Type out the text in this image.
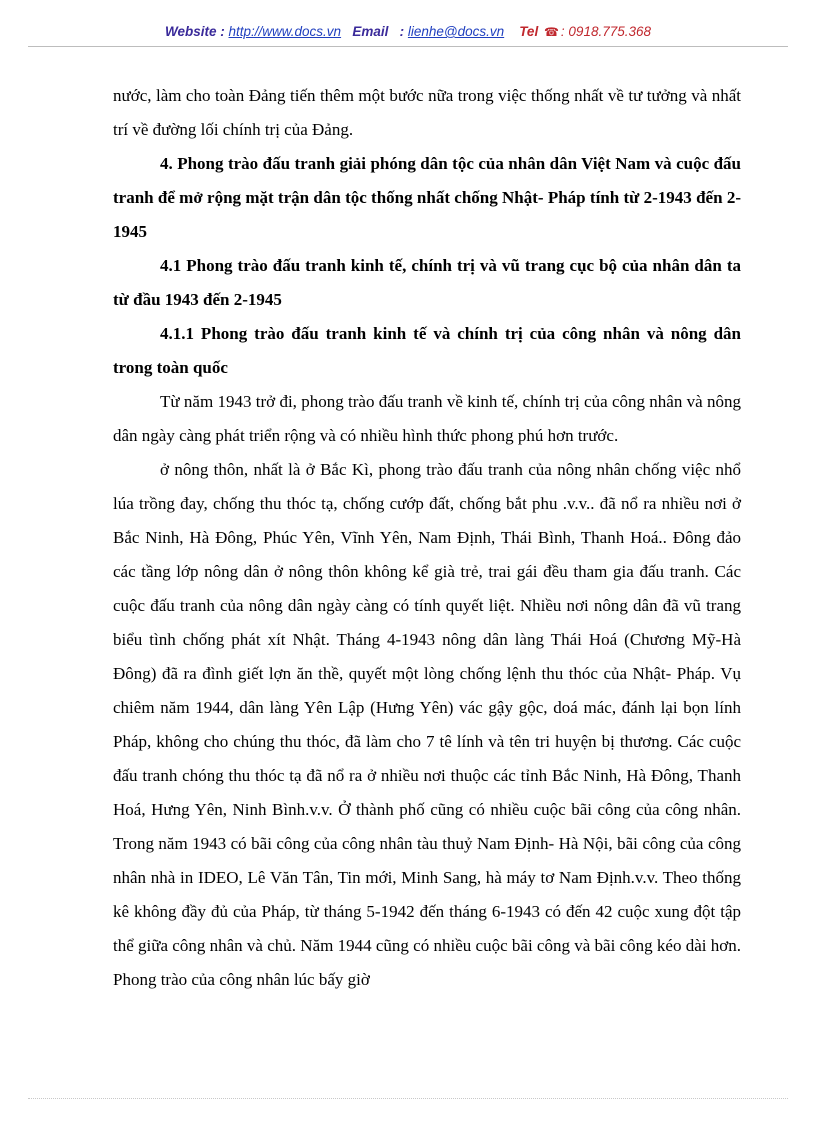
Website : http://www.docs.vn Email : lienhe@docs.vn Tel ☎ : 0918.775.368

nước, làm cho toàn Đảng tiến thêm một bước nữa trong việc thống nhất về tư tưởng và nhất trí về đường lối chính trị của Đảng.

4. Phong trào đấu tranh giải phóng dân tộc của nhân dân Việt Nam và cuộc đấu tranh để mở rộng mặt trận dân tộc thống nhất chống Nhật- Pháp tính từ 2-1943 đến 2-1945

4.1 Phong trào đấu tranh kinh tế, chính trị và vũ trang cục bộ của nhân dân ta từ đầu 1943 đến 2-1945

4.1.1 Phong trào đấu tranh kinh tế và chính trị của công nhân và nông dân trong toàn quốc

Từ năm 1943 trở đi, phong trào đấu tranh về kinh tế, chính trị của công nhân và nông dân ngày càng phát triển rộng và có nhiều hình thức phong phú hơn trước.

ở nông thôn, nhất là ở Bắc Kì, phong trào đấu tranh của nông nhân chống việc nhổ lúa trồng đay, chống thu thóc tạ, chống cướp đất, chống bắt phu .v.v.. đã nổ ra nhiều nơi ở Bắc Ninh, Hà Đông, Phúc Yên, Vĩnh Yên, Nam Định, Thái Bình, Thanh Hoá.. Đông đảo các tầng lớp nông dân ở nông thôn không kể già trẻ, trai gái đều tham gia đấu tranh. Các cuộc đấu tranh của nông dân ngày càng có tính quyết liệt. Nhiều nơi nông dân đã vũ trang biểu tình chống phát xít Nhật. Tháng 4-1943 nông dân làng Thái Hoá (Chương Mỹ-Hà Đông) đã ra đình giết lợn ăn thề, quyết một lòng chống lệnh thu thóc của Nhật- Pháp. Vụ chiêm năm 1944, dân làng Yên Lập (Hưng Yên) vác gậy gộc, doá mác, đánh lại bọn lính Pháp, không cho chúng thu thóc, đã làm cho 7 tê lính và tên tri huyện bị thương. Các cuộc đấu tranh chóng thu thóc tạ đã nổ ra ở nhiều nơi thuộc các tỉnh Bắc Ninh, Hà Đông, Thanh Hoá, Hưng Yên, Ninh Bình.v.v. Ở thành phố cũng có nhiều cuộc bãi công của công nhân. Trong năm 1943 có bãi công của công nhân tàu thuỷ Nam Định- Hà Nội, bãi công của công nhân nhà in IDEO, Lê Văn Tân, Tin mới, Minh Sang, hà máy tơ Nam Định.v.v. Theo thống kê không đầy đủ của Pháp, từ tháng 5-1942 đến tháng 6-1943 có đến 42 cuộc xung đột tập thể giữa công nhân và chủ. Năm 1944 cũng có nhiều cuộc bãi công và bãi công kéo dài hơn. Phong trào của công nhân lúc bấy giờ
